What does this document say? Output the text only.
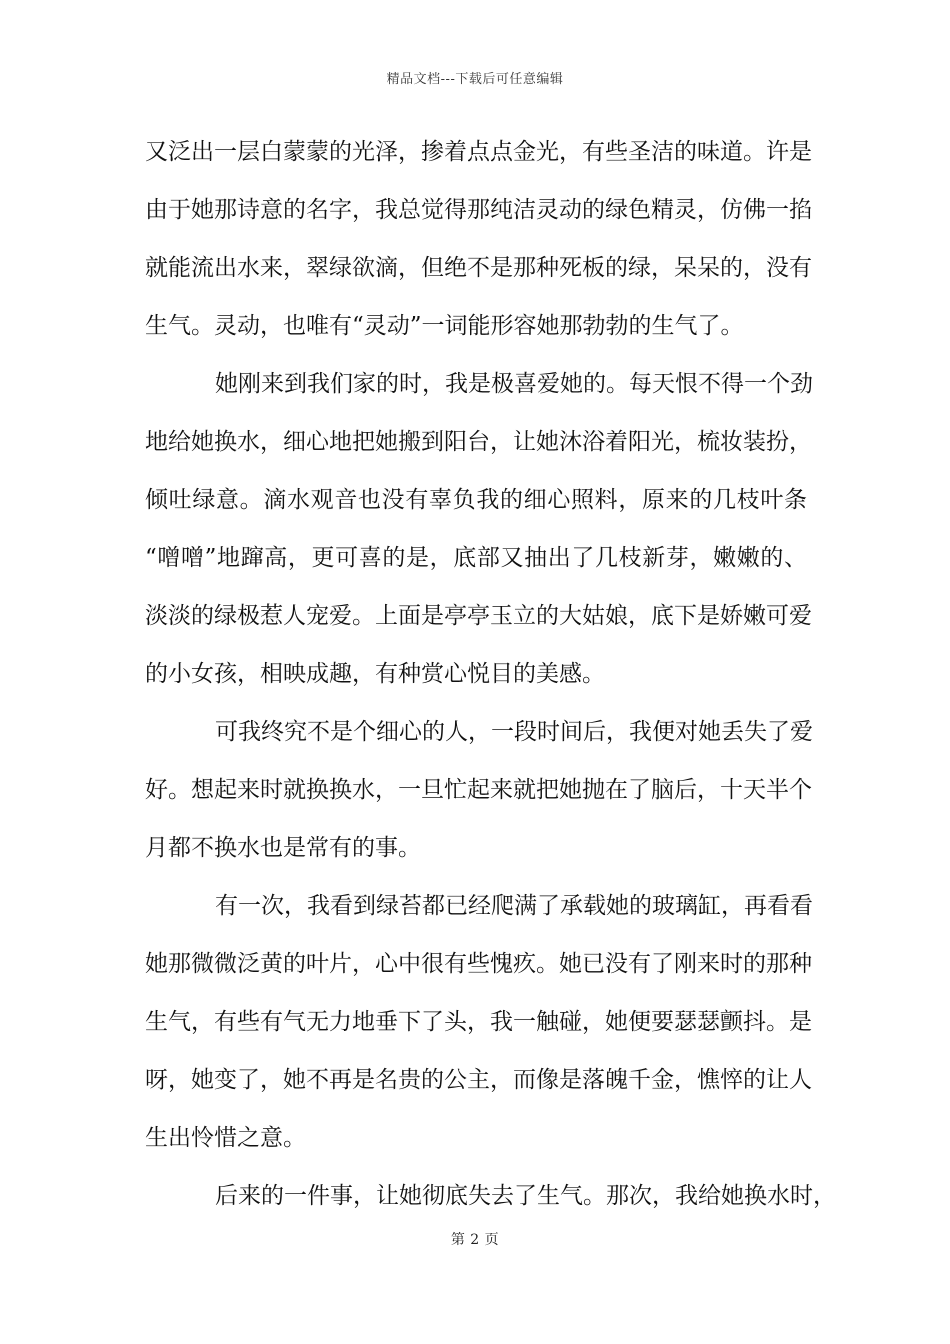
精品文档---下载后可任意编辑
又泛出一层白蒙蒙的光泽，掺着点点金光，有些圣洁的味道。许是
由于她那诗意的名字，我总觉得那纯洁灵动的绿色精灵，仿佛一掐
就能流出水来，翠绿欲滴，但绝不是那种死板的绿，呆呆的，没有
生气。灵动，也唯有“灵动”一词能形容她那勃勃的生气了。
她刚来到我们家的时，我是极喜爱她的。每天恨不得一个劲
地给她换水，细心地把她搬到阳台，让她沐浴着阳光，梳妆装扮，
倾吐绿意。滴水观音也没有辜负我的细心照料，原来的几枝叶条
“噌噌”地蹿高，更可喜的是，底部又抽出了几枝新芽，嫩嫩的、
淡淡的绿极惹人宠爱。上面是亭亭玉立的大姑娘，底下是娇嫩可爱
的小女孩，相映成趣，有种赏心悦目的美感。
可我终究不是个细心的人，一段时间后，我便对她丢失了爱
好。想起来时就换换水，一旦忙起来就把她抛在了脑后，十天半个
月都不换水也是常有的事。
有一次，我看到绿苔都已经爬满了承载她的玻璃缸，再看看
她那微微泛黄的叶片，心中很有些愧疚。她已没有了刚来时的那种
生气，有些有气无力地垂下了头，我一触碰，她便要瑟瑟颤抖。是
呀，她变了，她不再是名贵的公主，而像是落魄千金，憔悴的让人
生出怜惜之意。
后来的一件事，让她彻底失去了生气。那次，我给她换水时，
第 2 页
